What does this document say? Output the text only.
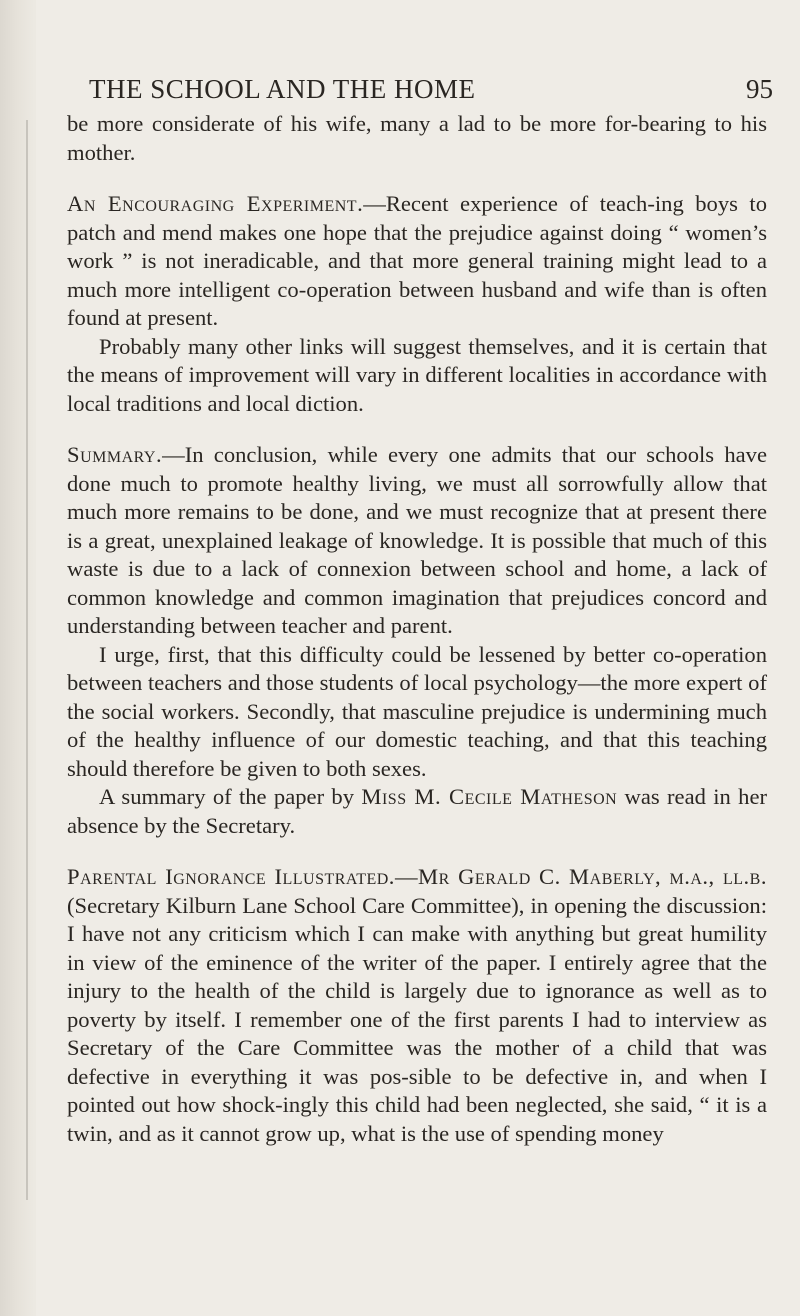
THE SCHOOL AND THE HOME	95

be more considerate of his wife, many a lad to be more for-bearing to his mother.

An Encouraging Experiment.—Recent experience of teach-ing boys to patch and mend makes one hope that the prejudice against doing “ women’s work ” is not ineradicable, and that more general training might lead to a much more intelligent co-operation between husband and wife than is often found at present.

Probably many other links will suggest themselves, and it is certain that the means of improvement will vary in different localities in accordance with local traditions and local diction.

Summary.—In conclusion, while every one admits that our schools have done much to promote healthy living, we must all sorrowfully allow that much more remains to be done, and we must recognize that at present there is a great, unexplained leakage of knowledge. It is possible that much of this waste is due to a lack of connexion between school and home, a lack of common knowledge and common imagination that prejudices concord and understanding between teacher and parent.

I urge, first, that this difficulty could be lessened by better co-operation between teachers and those students of local psychology—the more expert of the social workers. Secondly, that masculine prejudice is undermining much of the healthy influence of our domestic teaching, and that this teaching should therefore be given to both sexes.

A summary of the paper by Miss M. Cecile Matheson was read in her absence by the Secretary.

Parental Ignorance Illustrated.—Mr Gerald C. Maberly, m.a., ll.b. (Secretary Kilburn Lane School Care Committee), in opening the discussion: I have not any criticism which I can make with anything but great humility in view of the eminence of the writer of the paper. I entirely agree that the injury to the health of the child is largely due to ignorance as well as to poverty by itself. I remember one of the first parents I had to interview as Secretary of the Care Committee was the mother of a child that was defective in everything it was pos-sible to be defective in, and when I pointed out how shock-ingly this child had been neglected, she said, “ it is a twin, and as it cannot grow up, what is the use of spending money
